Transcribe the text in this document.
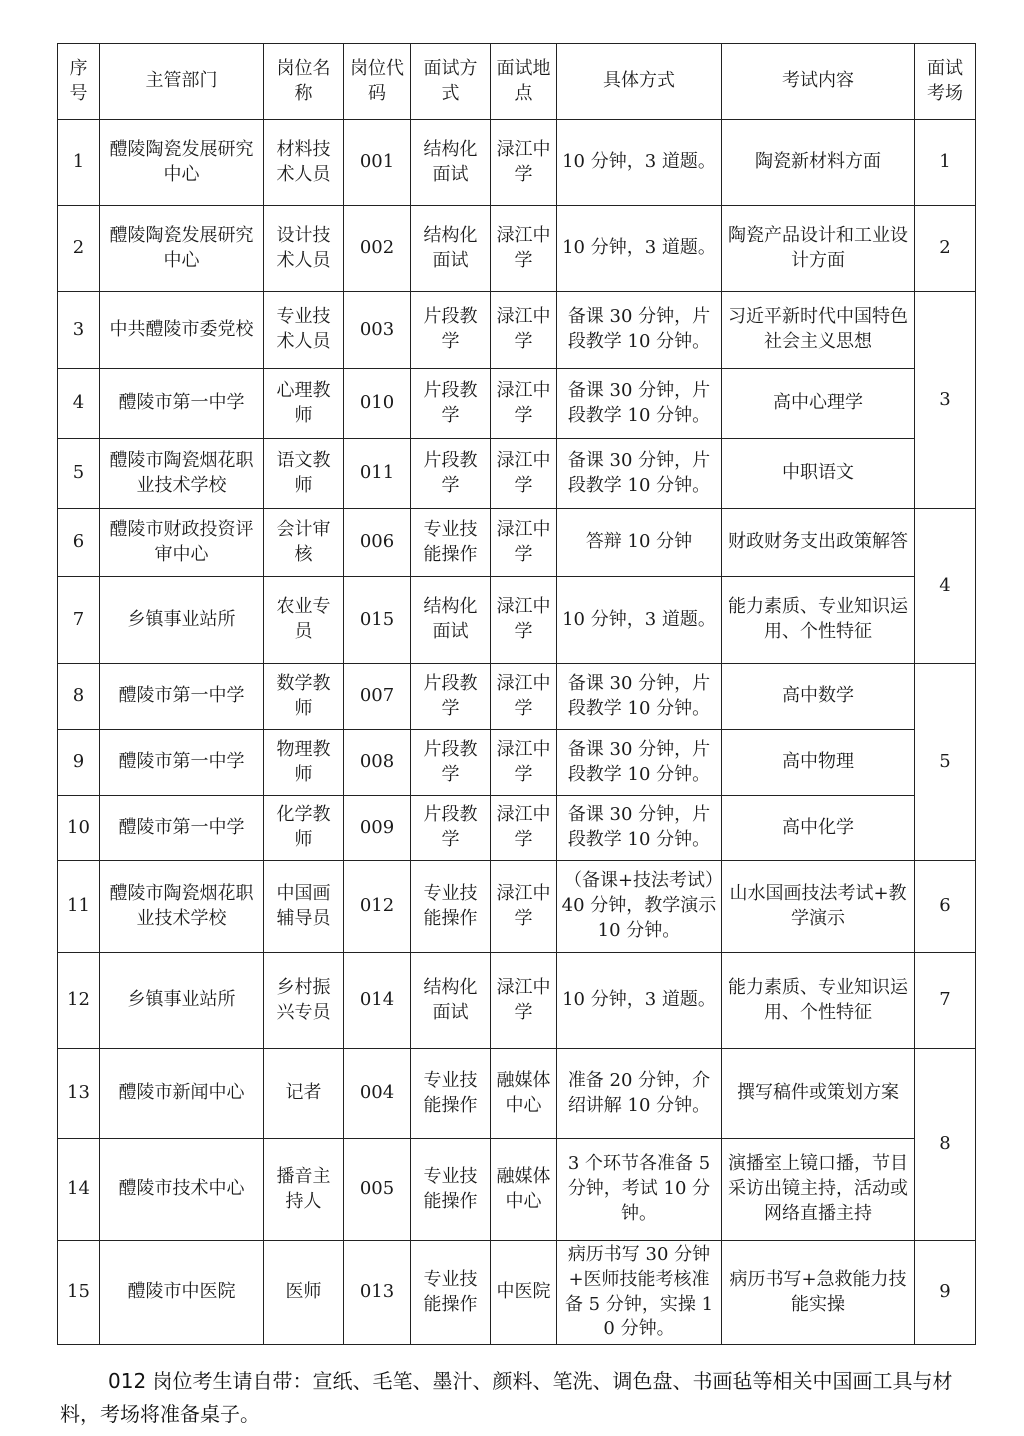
序号	主管部门	岗位名称	岗位代码	面试方式	面试地点	具体方式	考试内容	面试考场
1	醴陵陶瓷发展研究中心	材料技术人员	001	结构化面试	渌江中学	10 分钟，3 道题。	陶瓷新材料方面	1
2	醴陵陶瓷发展研究中心	设计技术人员	002	结构化面试	渌江中学	10 分钟，3 道题。	陶瓷产品设计和工业设计方面	2
3	中共醴陵市委党校	专业技术人员	003	片段教学	渌江中学	备课 30 分钟，片段教学 10 分钟。	习近平新时代中国特色社会主义思想	3
4	醴陵市第一中学	心理教师	010	片段教学	渌江中学	备课 30 分钟，片段教学 10 分钟。	高中心理学	
5	醴陵市陶瓷烟花职业技术学校	语文教师	011	片段教学	渌江中学	备课 30 分钟，片段教学 10 分钟。	中职语文	
6	醴陵市财政投资评审中心	会计审核	006	专业技能操作	渌江中学	答辩 10 分钟	财政财务支出政策解答	4
7	乡镇事业站所	农业专员	015	结构化面试	渌江中学	10 分钟，3 道题。	能力素质、专业知识运用、个性特征	
8	醴陵市第一中学	数学教师	007	片段教学	渌江中学	备课 30 分钟，片段教学 10 分钟。	高中数学	5
9	醴陵市第一中学	物理教师	008	片段教学	渌江中学	备课 30 分钟，片段教学 10 分钟。	高中物理	
10	醴陵市第一中学	化学教师	009	片段教学	渌江中学	备课 30 分钟，片段教学 10 分钟。	高中化学	
11	醴陵市陶瓷烟花职业技术学校	中国画辅导员	012	专业技能操作	渌江中学	（备课+技法考试）40 分钟，教学演示 10 分钟。	山水国画技法考试+教学演示	6
12	乡镇事业站所	乡村振兴专员	014	结构化面试	渌江中学	10 分钟，3 道题。	能力素质、专业知识运用、个性特征	7
13	醴陵市新闻中心	记者	004	专业技能操作	融媒体中心	准备 20 分钟，介绍讲解 10 分钟。	撰写稿件或策划方案	8
14	醴陵市技术中心	播音主持人	005	专业技能操作	融媒体中心	3 个环节各准备 5 分钟，考试 10 分钟。	演播室上镜口播，节目采访出镜主持，活动或网络直播主持	
15	醴陵市中医院	医师	013	专业技能操作	中医院	病历书写 30 分钟+医师技能考核准备 5 分钟，实操 10 分钟。	病历书写+急救能力技能实操	9

012 岗位考生请自带：宣纸、毛笔、墨汁、颜料、笔洗、调色盘、书画毡等相关中国画工具与材料，考场将准备桌子。
